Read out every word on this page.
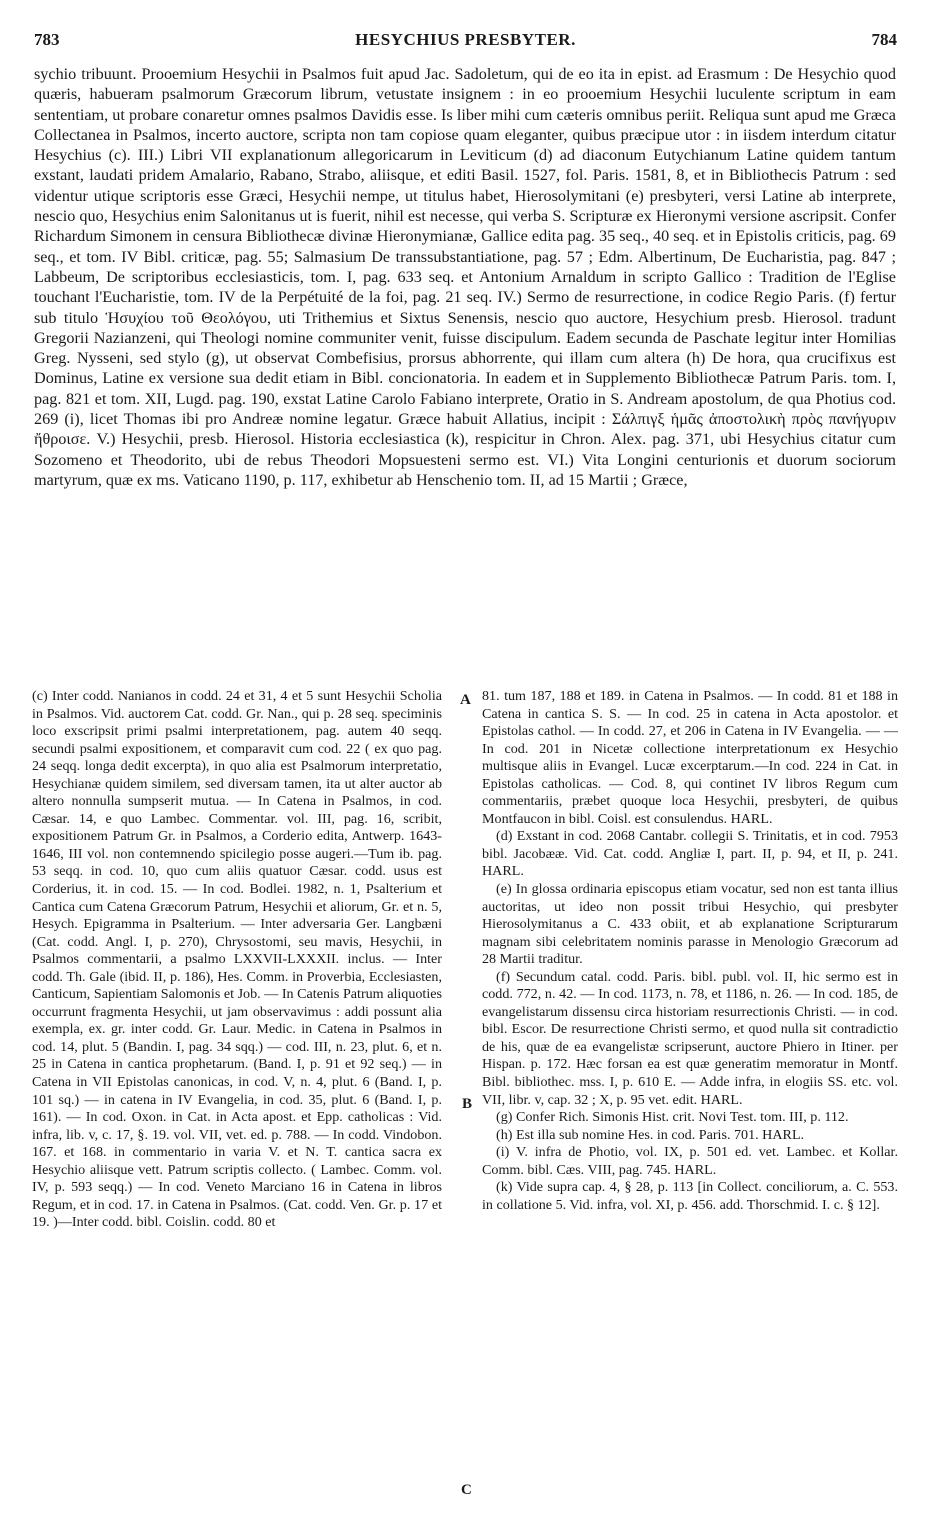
783	HESYCHIUS PRESBYTER.	784

sychio tribuunt. Prooemium Hesychii in Psalmos fuit apud Jac. Sadoletum, qui de eo ita in epist. ad Erasmum : De Hesychio quod quæris, habueram psalmorum Græcorum librum, vetustate insignem : in eo prooemium Hesychii luculente scriptum in eam sententiam, ut probare conaretur omnes psalmos Davidis esse. Is liber mihi cum cæteris omnibus periit. Reliqua sunt apud me Græca Collectanea in Psalmos, incerto auctore, scripta non tam copiose quam eleganter, quibus præcipue utor : in iisdem interdum citatur Hesychius (c). III.) Libri VII explanationum allegoricarum in Leviticum (d) ad diaconum Eutychianum Latine quidem tantum exstant, laudati pridem Amalario, Rabano, Strabo, aliisque, et editi Basil. 1527, fol. Paris. 1581, 8, et in Bibliothecis Patrum : sed videntur utique scriptoris esse Græci, Hesychii nempe, ut titulus habet, Hierosolymitani (e) presbyteri, versi Latine ab interprete, nescio quo, Hesychius enim Salonitanus ut is fuerit, nihil est necesse, qui verba S. Scripturæ ex Hieronymi versione ascripsit. Confer Richardum Simonem in censura Bibliothecæ divinæ Hieronymianæ, Gallice edita pag. 35 seq., 40 seq. et in Epistolis criticis, pag. 69 seq., et tom. IV Bibl. criticæ, pag. 55; Salmasium De transsubstantiatione, pag. 57 ; Edm. Albertinum, De Eucharistia, pag. 847 ; Labbeum, De scriptoribus ecclesiasticis, tom. I, pag. 633 seq. et Antonium Arnaldum in scripto Gallico : Tradition de l'Eglise touchant l'Eucharistie, tom. IV de la Perpétuité de la foi, pag. 21 seq. IV.) Sermo de resurrectione, in codice Regio Paris. (f) fertur sub titulo Ἡσυχίου τοῦ Θεολόγου, uti Trithemius et Sixtus Senensis, nescio quo auctore, Hesychium presb. Hierosol. tradunt Gregorii Nazianzeni, qui Theologi nomine communiter venit, fuisse discipulum. Eadem secunda de Paschate legitur inter Homilias Greg. Nysseni, sed stylo (g), ut observat Combefisius, prorsus abhorrente, qui illam cum altera (h) De hora, qua crucifixus est Dominus, Latine ex versione sua dedit etiam in Bibl. concionatoria. In eadem et in Supplemento Bibliothecæ Patrum Paris. tom. I, pag. 821 et tom. XII, Lugd. pag. 190, exstat Latine Carolo Fabiano interprete, Oratio in S. Andream apostolum, de qua Photius cod. 269 (i), licet Thomas ibi pro Andreæ nomine legatur. Græce habuit Allatius, incipit : Σάλπιγξ ἡμᾶς ἀποστολικὴ πρὸς πανήγυριν ἤθροισε. V.) Hesychii, presb. Hierosol. Historia ecclesiastica (k), respicitur in Chron. Alex. pag. 371, ubi Hesychius citatur cum Sozomeno et Theodorito, ubi de rebus Theodori Mopsuesteni sermo est. VI.) Vita Longini centurionis et duorum sociorum martyrum, quæ ex ms. Vaticano 1190, p. 117, exhibetur ab Henschenio tom. II, ad 15 Martii ; Græce,

(c) Inter codd. Nanianos in codd. 24 et 31, 4 et 5 sunt Hesychii Scholia in Psalmos. Vid. auctorem Cat. codd. Gr. Nan., qui p. 28 seq. speciminis loco exscripsit primi psalmi interpretationem, pag. autem 40 seqq. secundi psalmi expositionem, et comparavit cum cod. 22 ( ex quo pag. 24 seqq. longa dedit excerpta), in quo alia est Psalmorum interpretatio, Hesychianæ quidem similem, sed diversam tamen, ita ut alter auctor ab altero nonnulla sumpserit mutua. — In Catena in Psalmos, in cod. Cæsar. 14, e quo Lambec. Commentar. vol. III, pag. 16, scribit, expositionem Patrum Gr. in Psalmos, a Corderio edita, Antwerp. 1643-1646, III vol. non contemnendo spicilegio posse augeri.—Tum ib. pag. 53 seqq. in cod. 10, quo cum aliis quatuor Cæsar. codd. usus est Corderius, it. in cod. 15. — In cod. Bodlei. 1982, n. 1, Psalterium et Cantica cum Catena Græcorum Patrum, Hesychii et aliorum, Gr. et n. 5, Hesych. Epigramma in Psalterium. — Inter adversaria Ger. Langbæni (Cat. codd. Angl. I, p. 270), Chrysostomi, seu mavis, Hesychii, in Psalmos commentarii, a psalmo LXXVII-LXXXII. inclus. — Inter codd. Th. Gale (ibid. II, p. 186), Hes. Comm. in Proverbia, Ecclesiasten, Canticum, Sapientiam Salomonis et Job. — In Catenis Patrum aliquoties occurrunt fragmenta Hesychii, ut jam observavimus : addi possunt alia exempla, ex. gr. inter codd. Gr. Laur. Medic. in Catena in Psalmos in cod. 14, plut. 5 (Bandin. I, pag. 34 sqq.) — cod. III, n. 23, plut. 6, et n. 25 in Catena in cantica prophetarum. (Band. I, p. 91 et 92 seq.) — in Catena in VII Epistolas canonicas, in cod. V, n. 4, plut. 6 (Band. I, p. 101 sq.) — in catena in IV Evangelia, in cod. 35, plut. 6 (Band. I, p. 161). — In cod. Oxon. in Cat. in Acta apost. et Epp. catholicas : Vid. infra, lib. v, c. 17, §. 19. vol. VII, vet. ed. p. 788. — In codd. Vindobon. 167. et 168. in commentario in varia V. et N. T. cantica sacra ex Hesychio aliisque vett. Patrum scriptis collecto. ( Lambec. Comm. vol. IV, p. 593 seqq.) — In cod. Veneto Marciano 16 in Catena in libros Regum, et in cod. 17. in Catena in Psalmos. (Cat. codd. Ven. Gr. p. 17 et 19. )—Inter codd. bibl. Coislin. codd. 80 et

81. tum 187, 188 et 189. in Catena in Psalmos. — In codd. 81 et 188 in Catena in cantica S. S. — In cod. 25 in catena in Acta apostolor. et Epistolas cathol. — In codd. 27, et 206 in Catena in IV Evangelia. — — In cod. 201 in Nicetæ collectione interpretationum ex Hesychio multisque aliis in Evangel. Lucæ excerptarum.—In cod. 224 in Cat. in Epistolas catholicas. — Cod. 8, qui continet IV libros Regum cum commentariis, præbet quoque loca Hesychii, presbyteri, de quibus Montfaucon in bibl. Coisl. est consulendus. HARL.

(d) Exstant in cod. 2068 Cantabr. collegii S. Trinitatis, et in cod. 7953 bibl. Jacobææ. Vid. Cat. codd. Angliæ I, part. II, p. 94, et II, p. 241. HARL.

(e) In glossa ordinaria episcopus etiam vocatur, sed non est tanta illius auctoritas, ut ideo non possit tribui Hesychio, qui presbyter Hierosolymitanus a C. 433 obiit, et ab explanatione Scripturarum magnam sibi celebritatem nominis parasse in Menologio Græcorum ad 28 Martii traditur.

(f) Secundum catal. codd. Paris. bibl. publ. vol. II, hic sermo est in codd. 772, n. 42. — In cod. 1173, n. 78, et 1186, n. 26. — In cod. 185, de evangelistarum dissensu circa historiam resurrectionis Christi. — in cod. bibl. Escor. De resurrectione Christi sermo, et quod nulla sit contradictio de his, quæ de ea evangelistæ scripserunt, auctore Phiero in Itiner. per Hispan. p. 172. Hæc forsan ea est quæ generatim memoratur in Montf. Bibl. bibliothec. mss. I, p. 610 E. — Adde infra, in elogiis SS. etc. vol. VII, libr. v, cap. 32 ; X, p. 95 vet. edit. HARL.

(g) Confer Rich. Simonis Hist. crit. Novi Test. tom. III, p. 112.

(h) Est illa sub nomine Hes. in cod. Paris. 701. HARL.

(i) V. infra de Photio, vol. IX, p. 501 ed. vet. Lambec. et Kollar. Comm. bibl. Cæs. VIII, pag. 745. HARL.

(k) Vide supra cap. 4, § 28, p. 113 [in Collect. conciliorum, a. C. 553. in collatione 5. Vid. infra, vol. XI, p. 456. add. Thorschmid. I. c. § 12].

A
B
C
